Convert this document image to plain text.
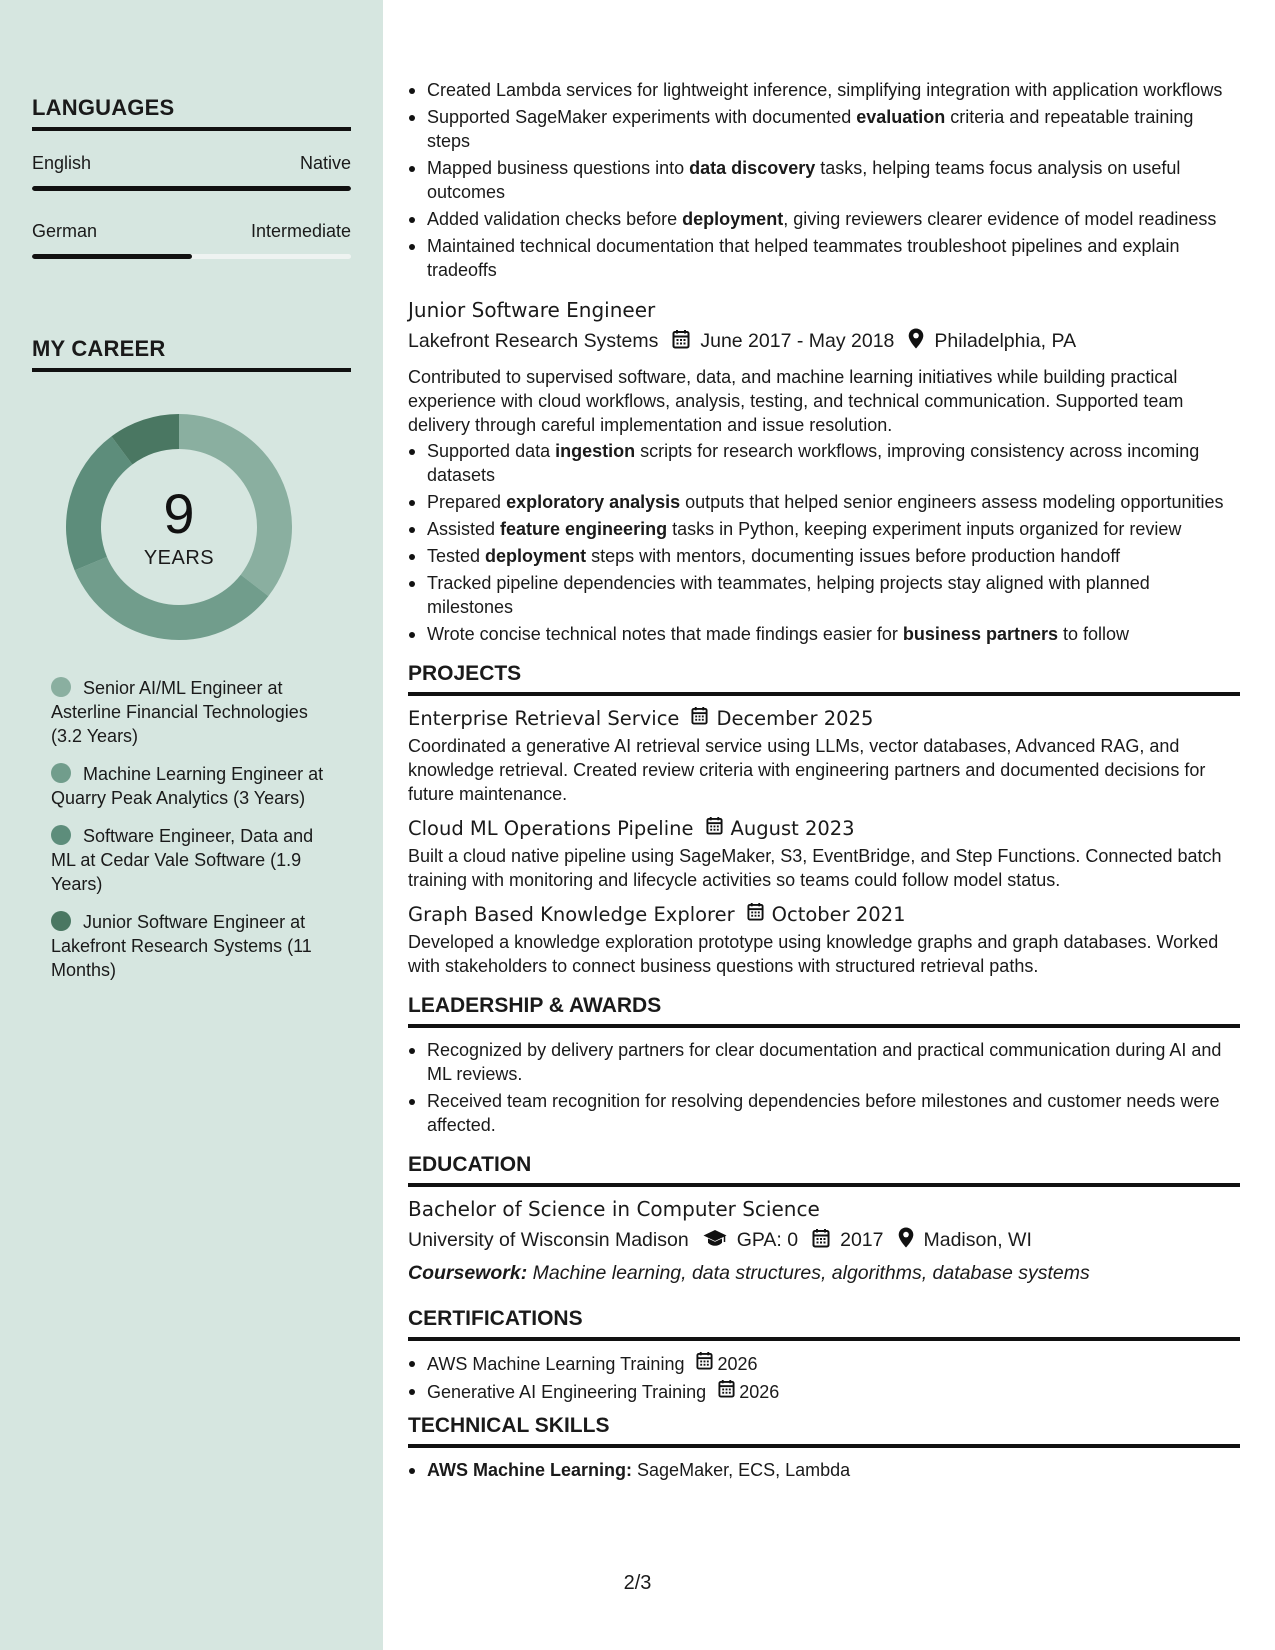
LANGUAGES
English	Native
German	Intermediate
MY CAREER
9
YEARS
Senior AI/ML Engineer at Asterline Financial Technologies (3.2 Years)
Machine Learning Engineer at Quarry Peak Analytics (3 Years)
Software Engineer, Data and ML at Cedar Vale Software (1.9 Years)
Junior Software Engineer at Lakefront Research Systems (11 Months)
Created Lambda services for lightweight inference, simplifying integration with application workflows
Supported SageMaker experiments with documented evaluation criteria and repeatable training steps
Mapped business questions into data discovery tasks, helping teams focus analysis on useful outcomes
Added validation checks before deployment, giving reviewers clearer evidence of model readiness
Maintained technical documentation that helped teammates troubleshoot pipelines and explain tradeoffs
Junior Software Engineer
Lakefront Research Systems June 2017 - May 2018 Philadelphia, PA
Contributed to supervised software, data, and machine learning initiatives while building practical experience with cloud workflows, analysis, testing, and technical communication. Supported team delivery through careful implementation and issue resolution.
Supported data ingestion scripts for research workflows, improving consistency across incoming datasets
Prepared exploratory analysis outputs that helped senior engineers assess modeling opportunities
Assisted feature engineering tasks in Python, keeping experiment inputs organized for review
Tested deployment steps with mentors, documenting issues before production handoff
Tracked pipeline dependencies with teammates, helping projects stay aligned with planned milestones
Wrote concise technical notes that made findings easier for business partners to follow
PROJECTS
Enterprise Retrieval Service December 2025
Coordinated a generative AI retrieval service using LLMs, vector databases, Advanced RAG, and knowledge retrieval. Created review criteria with engineering partners and documented decisions for future maintenance.
Cloud ML Operations Pipeline August 2023
Built a cloud native pipeline using SageMaker, S3, EventBridge, and Step Functions. Connected batch training with monitoring and lifecycle activities so teams could follow model status.
Graph Based Knowledge Explorer October 2021
Developed a knowledge exploration prototype using knowledge graphs and graph databases. Worked with stakeholders to connect business questions with structured retrieval paths.
LEADERSHIP & AWARDS
Recognized by delivery partners for clear documentation and practical communication during AI and ML reviews.
Received team recognition for resolving dependencies before milestones and customer needs were affected.
EDUCATION
Bachelor of Science in Computer Science
University of Wisconsin Madison GPA: 0 2017 Madison, WI
Coursework: Machine learning, data structures, algorithms, database systems
CERTIFICATIONS
AWS Machine Learning Training 2026
Generative AI Engineering Training 2026
TECHNICAL SKILLS
AWS Machine Learning: SageMaker, ECS, Lambda
2/3
